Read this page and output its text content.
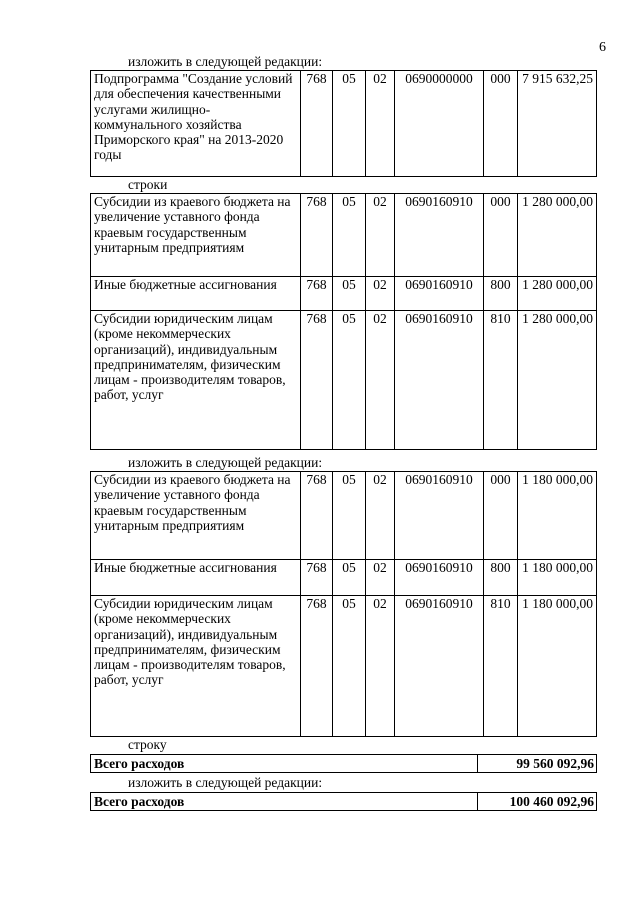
6
изложить в следующей редакции:
Подпрограмма "Создание условий для обеспечения качественными услугами жилищно-коммунального хозяйства Приморского края" на 2013-2020 годы	768	05	02	0690000000	000	7 915 632,25
строки
Субсидии из краевого бюджета на увеличение уставного фонда краевым государственным унитарным предприятиям	768	05	02	0690160910	000	1 280 000,00
Иные бюджетные ассигнования	768	05	02	0690160910	800	1 280 000,00
Субсидии юридическим лицам (кроме некоммерческих организаций), индивидуальным предпринимателям, физическим лицам - производителям товаров, работ, услуг	768	05	02	0690160910	810	1 280 000,00
изложить в следующей редакции:
Субсидии из краевого бюджета на увеличение уставного фонда краевым государственным унитарным предприятиям	768	05	02	0690160910	000	1 180 000,00
Иные бюджетные ассигнования	768	05	02	0690160910	800	1 180 000,00
Субсидии юридическим лицам (кроме некоммерческих организаций), индивидуальным предпринимателям, физическим лицам - производителям товаров, работ, услуг	768	05	02	0690160910	810	1 180 000,00
строку
Всего расходов	99 560 092,96
изложить в следующей редакции:
Всего расходов	100 460 092,96
